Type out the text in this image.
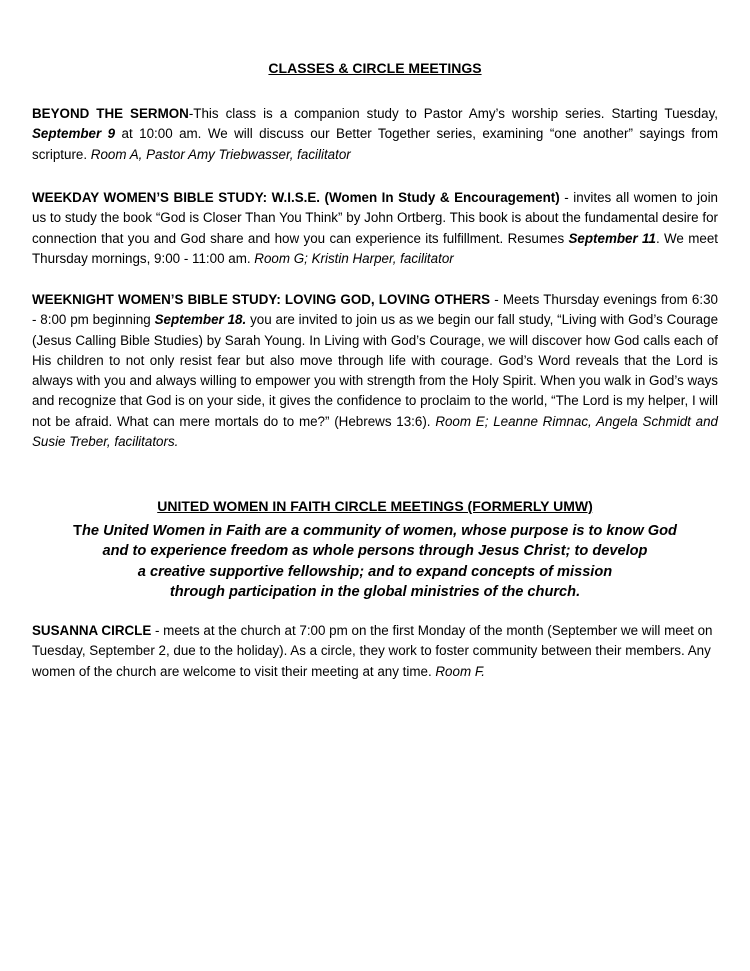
CLASSES & CIRCLE MEETINGS

BEYOND THE SERMON-This class is a companion study to Pastor Amy’s worship series. Starting Tuesday, September 9 at 10:00 am. We will discuss our Better Together series, examining “one another” sayings from scripture. Room A, Pastor Amy Triebwasser, facilitator

WEEKDAY WOMEN’S BIBLE STUDY: W.I.S.E. (Women In Study & Encouragement) - invites all women to join us to study the book “God is Closer Than You Think” by John Ortberg. This book is about the fundamental desire for connection that you and God share and how you can experience its fulfillment. Resumes September 11. We meet Thursday mornings, 9:00 - 11:00 am. Room G; Kristin Harper, facilitator

WEEKNIGHT WOMEN’S BIBLE STUDY: LOVING GOD, LOVING OTHERS - Meets Thursday evenings from 6:30 - 8:00 pm beginning September 18. you are invited to join us as we begin our fall study, “Living with God’s Courage (Jesus Calling Bible Studies) by Sarah Young. In Living with God’s Courage, we will discover how God calls each of His children to not only resist fear but also move through life with courage. God’s Word reveals that the Lord is always with you and always willing to empower you with strength from the Holy Spirit. When you walk in God’s ways and recognize that God is on your side, it gives the confidence to proclaim to the world, “The Lord is my helper, I will not be afraid. What can mere mortals do to me?” (Hebrews 13:6). Room E; Leanne Rimnac, Angela Schmidt and Susie Treber, facilitators.

UNITED WOMEN IN FAITH CIRCLE MEETINGS (FORMERLY UMW)

The United Women in Faith are a community of women, whose purpose is to know God
and to experience freedom as whole persons through Jesus Christ; to develop
a creative supportive fellowship; and to expand concepts of mission
through participation in the global ministries of the church.

SUSANNA CIRCLE - meets at the church at 7:00 pm on the first Monday of the month (September we will meet on Tuesday, September 2, due to the holiday). As a circle, they work to foster community between their members. Any women of the church are welcome to visit their meeting at any time. Room F.
